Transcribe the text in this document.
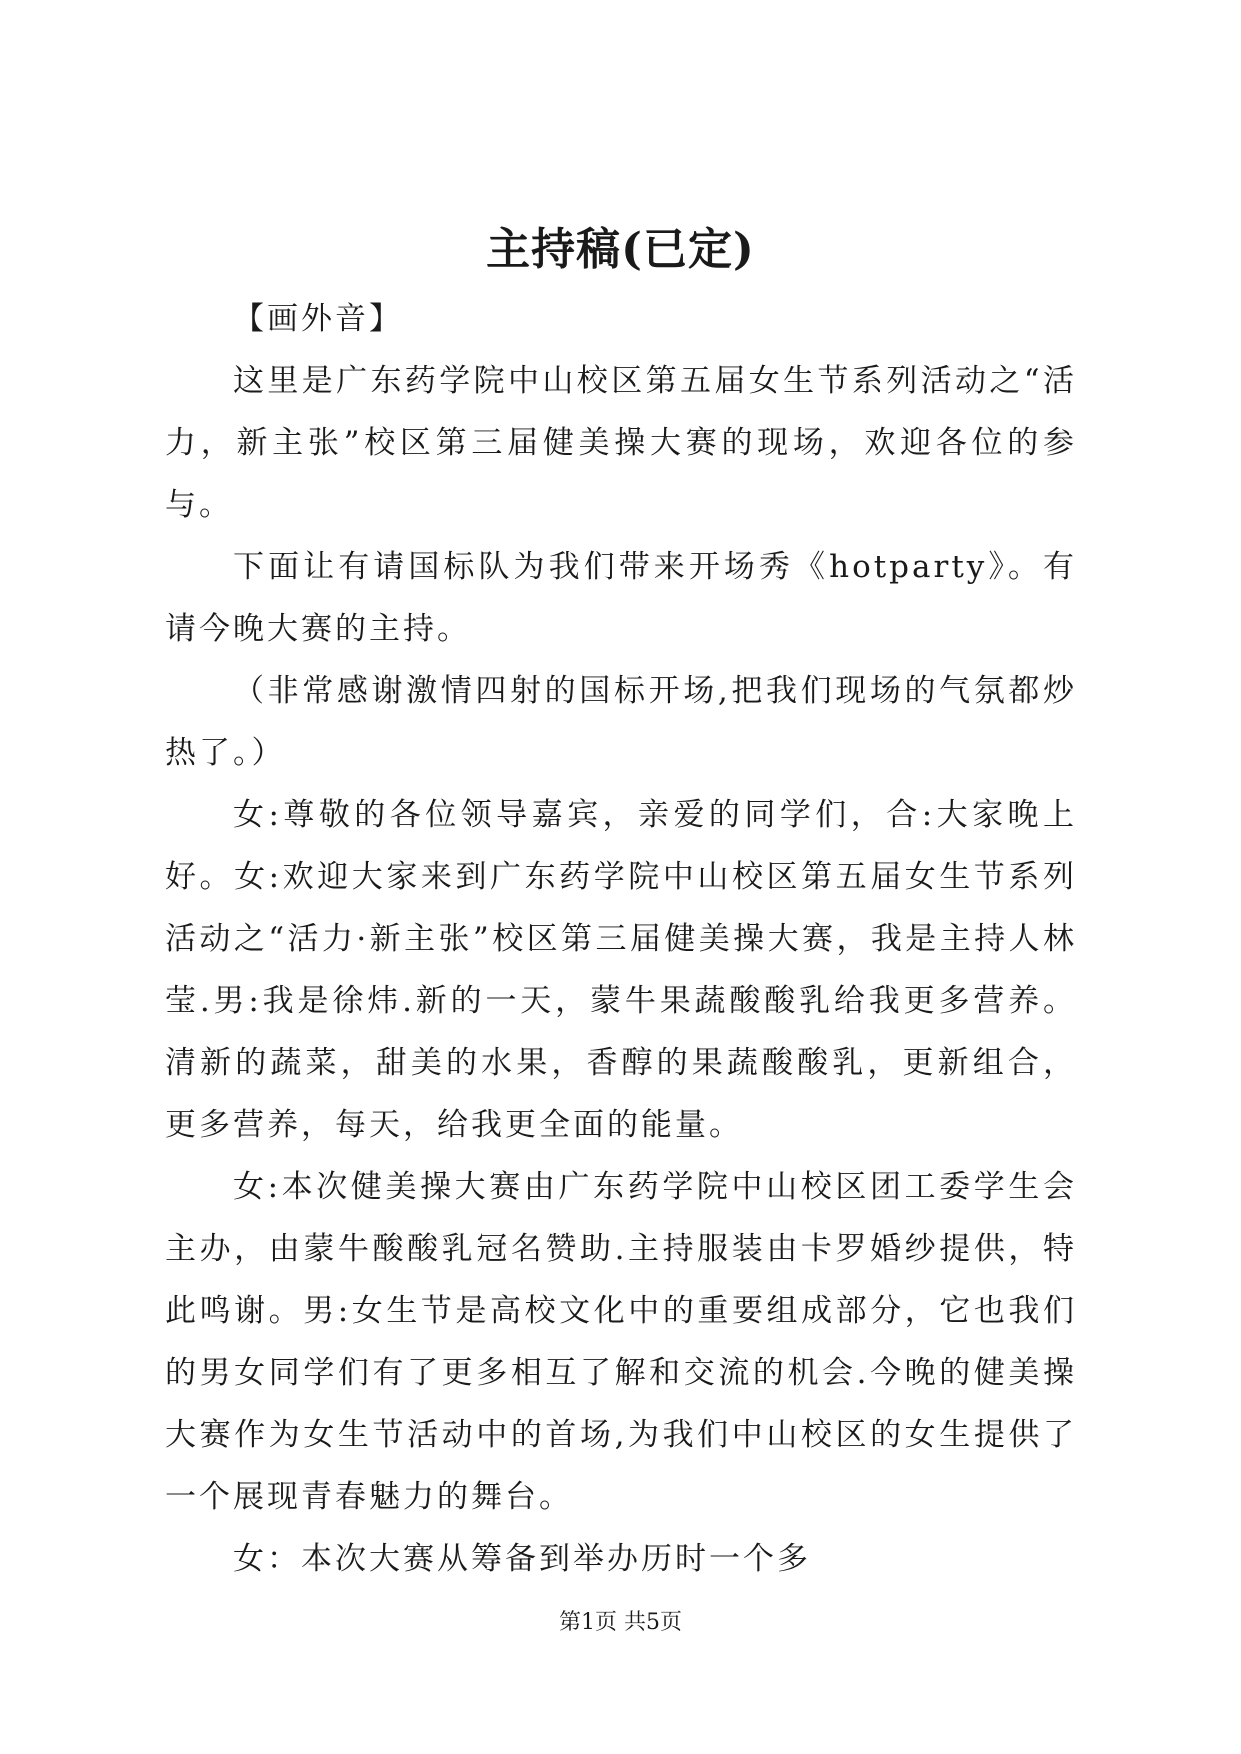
主持稿(已定)

【画外音】

这里是广东药学院中山校区第五届女生节系列活动之“活力，新主张”校区第三届健美操大赛的现场，欢迎各位的参与。

下面让有请国标队为我们带来开场秀《hotparty》。有请今晚大赛的主持。

（非常感谢激情四射的国标开场,把我们现场的气氛都炒热了。）

女:尊敬的各位领导嘉宾，亲爱的同学们，合:大家晚上好。女:欢迎大家来到广东药学院中山校区第五届女生节系列活动之“活力·新主张”校区第三届健美操大赛，我是主持人林莹.男:我是徐炜.新的一天，蒙牛果蔬酸酸乳给我更多营养。清新的蔬菜，甜美的水果，香醇的果蔬酸酸乳，更新组合，更多营养，每天，给我更全面的能量。

女:本次健美操大赛由广东药学院中山校区团工委学生会主办，由蒙牛酸酸乳冠名赞助.主持服装由卡罗婚纱提供，特此鸣谢。男:女生节是高校文化中的重要组成部分，它也我们的男女同学们有了更多相互了解和交流的机会.今晚的健美操大赛作为女生节活动中的首场,为我们中山校区的女生提供了一个展现青春魅力的舞台。

女：本次大赛从筹备到举办历时一个多

第1页 共5页
